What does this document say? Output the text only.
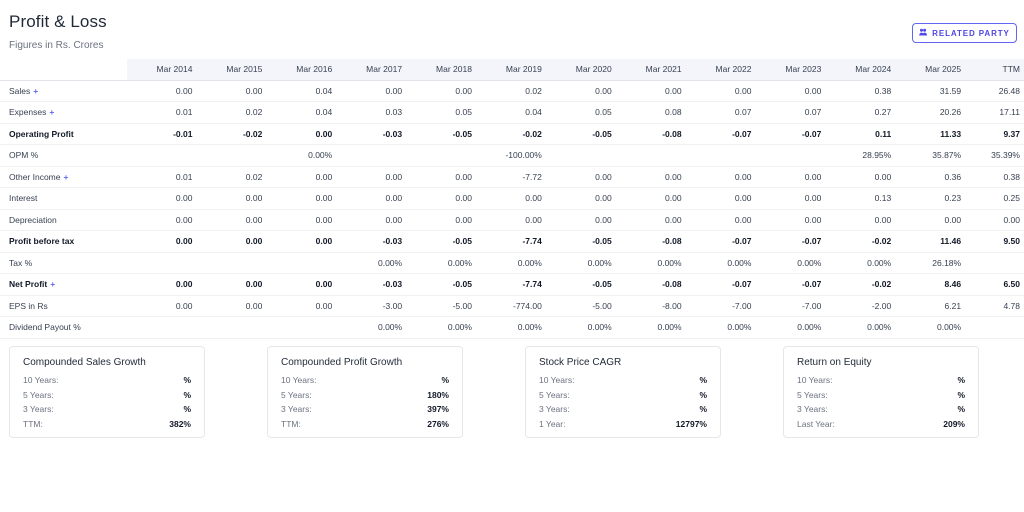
Profit & Loss
Figures in Rs. Crores
RELATED PARTY
	Mar 2014	Mar 2015	Mar 2016	Mar 2017	Mar 2018	Mar 2019	Mar 2020	Mar 2021	Mar 2022	Mar 2023	Mar 2024	Mar 2025	TTM
Sales +	0.00	0.00	0.04	0.00	0.00	0.02	0.00	0.00	0.00	0.00	0.38	31.59	26.48
Expenses +	0.01	0.02	0.04	0.03	0.05	0.04	0.05	0.08	0.07	0.07	0.27	20.26	17.11
Operating Profit	-0.01	-0.02	0.00	-0.03	-0.05	-0.02	-0.05	-0.08	-0.07	-0.07	0.11	11.33	9.37
OPM %			0.00%			-100.00%					28.95%	35.87%	35.39%
Other Income +	0.01	0.02	0.00	0.00	0.00	-7.72	0.00	0.00	0.00	0.00	0.00	0.36	0.38
Interest	0.00	0.00	0.00	0.00	0.00	0.00	0.00	0.00	0.00	0.00	0.13	0.23	0.25
Depreciation	0.00	0.00	0.00	0.00	0.00	0.00	0.00	0.00	0.00	0.00	0.00	0.00	0.00
Profit before tax	0.00	0.00	0.00	-0.03	-0.05	-7.74	-0.05	-0.08	-0.07	-0.07	-0.02	11.46	9.50
Tax %				0.00%	0.00%	0.00%	0.00%	0.00%	0.00%	0.00%	0.00%	26.18%	
Net Profit +	0.00	0.00	0.00	-0.03	-0.05	-7.74	-0.05	-0.08	-0.07	-0.07	-0.02	8.46	6.50
EPS in Rs	0.00	0.00	0.00	-3.00	-5.00	-774.00	-5.00	-8.00	-7.00	-7.00	-2.00	6.21	4.78
Dividend Payout %				0.00%	0.00%	0.00%	0.00%	0.00%	0.00%	0.00%	0.00%	0.00%	
Compounded Sales Growth
10 Years:	%
5 Years:	%
3 Years:	%
TTM:	382%
Compounded Profit Growth
10 Years:	%
5 Years:	180%
3 Years:	397%
TTM:	276%
Stock Price CAGR
10 Years:	%
5 Years:	%
3 Years:	%
1 Year:	12797%
Return on Equity
10 Years:	%
5 Years:	%
3 Years:	%
Last Year:	209%
